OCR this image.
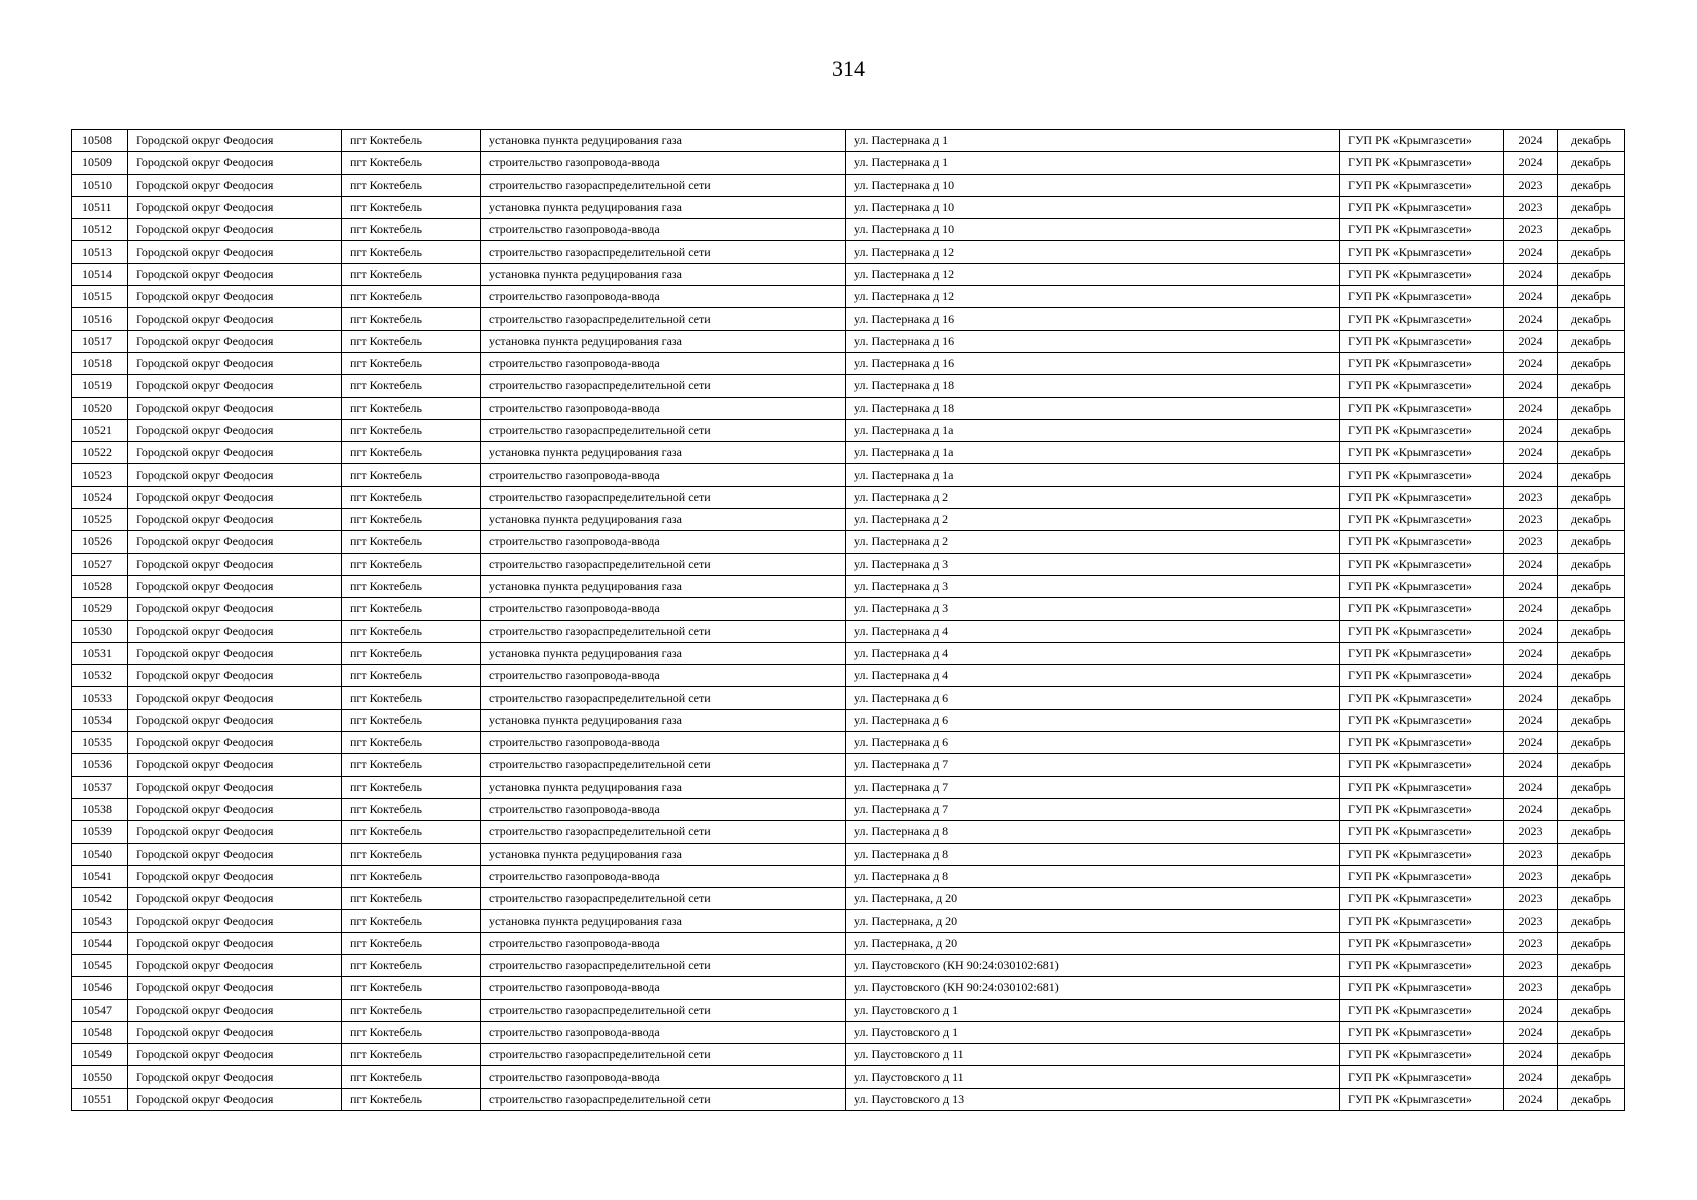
314
10508	Городской округ Феодосия	пгт Коктебель	установка пункта редуцирования газа	ул. Пастернака д 1	ГУП РК «Крымгазсети»	2024	декабрь
10509	Городской округ Феодосия	пгт Коктебель	строительство газопровода-ввода	ул. Пастернака д 1	ГУП РК «Крымгазсети»	2024	декабрь
10510	Городской округ Феодосия	пгт Коктебель	строительство газораспределительной сети	ул. Пастернака д 10	ГУП РК «Крымгазсети»	2023	декабрь
10511	Городской округ Феодосия	пгт Коктебель	установка пункта редуцирования газа	ул. Пастернака д 10	ГУП РК «Крымгазсети»	2023	декабрь
10512	Городской округ Феодосия	пгт Коктебель	строительство газопровода-ввода	ул. Пастернака д 10	ГУП РК «Крымгазсети»	2023	декабрь
10513	Городской округ Феодосия	пгт Коктебель	строительство газораспределительной сети	ул. Пастернака д 12	ГУП РК «Крымгазсети»	2024	декабрь
10514	Городской округ Феодосия	пгт Коктебель	установка пункта редуцирования газа	ул. Пастернака д 12	ГУП РК «Крымгазсети»	2024	декабрь
10515	Городской округ Феодосия	пгт Коктебель	строительство газопровода-ввода	ул. Пастернака д 12	ГУП РК «Крымгазсети»	2024	декабрь
10516	Городской округ Феодосия	пгт Коктебель	строительство газораспределительной сети	ул. Пастернака д 16	ГУП РК «Крымгазсети»	2024	декабрь
10517	Городской округ Феодосия	пгт Коктебель	установка пункта редуцирования газа	ул. Пастернака д 16	ГУП РК «Крымгазсети»	2024	декабрь
10518	Городской округ Феодосия	пгт Коктебель	строительство газопровода-ввода	ул. Пастернака д 16	ГУП РК «Крымгазсети»	2024	декабрь
10519	Городской округ Феодосия	пгт Коктебель	строительство газораспределительной сети	ул. Пастернака д 18	ГУП РК «Крымгазсети»	2024	декабрь
10520	Городской округ Феодосия	пгт Коктебель	строительство газопровода-ввода	ул. Пастернака д 18	ГУП РК «Крымгазсети»	2024	декабрь
10521	Городской округ Феодосия	пгт Коктебель	строительство газораспределительной сети	ул. Пастернака д 1а	ГУП РК «Крымгазсети»	2024	декабрь
10522	Городской округ Феодосия	пгт Коктебель	установка пункта редуцирования газа	ул. Пастернака д 1а	ГУП РК «Крымгазсети»	2024	декабрь
10523	Городской округ Феодосия	пгт Коктебель	строительство газопровода-ввода	ул. Пастернака д 1а	ГУП РК «Крымгазсети»	2024	декабрь
10524	Городской округ Феодосия	пгт Коктебель	строительство газораспределительной сети	ул. Пастернака д 2	ГУП РК «Крымгазсети»	2023	декабрь
10525	Городской округ Феодосия	пгт Коктебель	установка пункта редуцирования газа	ул. Пастернака д 2	ГУП РК «Крымгазсети»	2023	декабрь
10526	Городской округ Феодосия	пгт Коктебель	строительство газопровода-ввода	ул. Пастернака д 2	ГУП РК «Крымгазсети»	2023	декабрь
10527	Городской округ Феодосия	пгт Коктебель	строительство газораспределительной сети	ул. Пастернака д 3	ГУП РК «Крымгазсети»	2024	декабрь
10528	Городской округ Феодосия	пгт Коктебель	установка пункта редуцирования газа	ул. Пастернака д 3	ГУП РК «Крымгазсети»	2024	декабрь
10529	Городской округ Феодосия	пгт Коктебель	строительство газопровода-ввода	ул. Пастернака д 3	ГУП РК «Крымгазсети»	2024	декабрь
10530	Городской округ Феодосия	пгт Коктебель	строительство газораспределительной сети	ул. Пастернака д 4	ГУП РК «Крымгазсети»	2024	декабрь
10531	Городской округ Феодосия	пгт Коктебель	установка пункта редуцирования газа	ул. Пастернака д 4	ГУП РК «Крымгазсети»	2024	декабрь
10532	Городской округ Феодосия	пгт Коктебель	строительство газопровода-ввода	ул. Пастернака д 4	ГУП РК «Крымгазсети»	2024	декабрь
10533	Городской округ Феодосия	пгт Коктебель	строительство газораспределительной сети	ул. Пастернака д 6	ГУП РК «Крымгазсети»	2024	декабрь
10534	Городской округ Феодосия	пгт Коктебель	установка пункта редуцирования газа	ул. Пастернака д 6	ГУП РК «Крымгазсети»	2024	декабрь
10535	Городской округ Феодосия	пгт Коктебель	строительство газопровода-ввода	ул. Пастернака д 6	ГУП РК «Крымгазсети»	2024	декабрь
10536	Городской округ Феодосия	пгт Коктебель	строительство газораспределительной сети	ул. Пастернака д 7	ГУП РК «Крымгазсети»	2024	декабрь
10537	Городской округ Феодосия	пгт Коктебель	установка пункта редуцирования газа	ул. Пастернака д 7	ГУП РК «Крымгазсети»	2024	декабрь
10538	Городской округ Феодосия	пгт Коктебель	строительство газопровода-ввода	ул. Пастернака д 7	ГУП РК «Крымгазсети»	2024	декабрь
10539	Городской округ Феодосия	пгт Коктебель	строительство газораспределительной сети	ул. Пастернака д 8	ГУП РК «Крымгазсети»	2023	декабрь
10540	Городской округ Феодосия	пгт Коктебель	установка пункта редуцирования газа	ул. Пастернака д 8	ГУП РК «Крымгазсети»	2023	декабрь
10541	Городской округ Феодосия	пгт Коктебель	строительство газопровода-ввода	ул. Пастернака д 8	ГУП РК «Крымгазсети»	2023	декабрь
10542	Городской округ Феодосия	пгт Коктебель	строительство газораспределительной сети	ул. Пастернака, д 20	ГУП РК «Крымгазсети»	2023	декабрь
10543	Городской округ Феодосия	пгт Коктебель	установка пункта редуцирования газа	ул. Пастернака, д 20	ГУП РК «Крымгазсети»	2023	декабрь
10544	Городской округ Феодосия	пгт Коктебель	строительство газопровода-ввода	ул. Пастернака, д 20	ГУП РК «Крымгазсети»	2023	декабрь
10545	Городской округ Феодосия	пгт Коктебель	строительство газораспределительной сети	ул. Паустовского (КН 90:24:030102:681)	ГУП РК «Крымгазсети»	2023	декабрь
10546	Городской округ Феодосия	пгт Коктебель	строительство газопровода-ввода	ул. Паустовского (КН 90:24:030102:681)	ГУП РК «Крымгазсети»	2023	декабрь
10547	Городской округ Феодосия	пгт Коктебель	строительство газораспределительной сети	ул. Паустовского д 1	ГУП РК «Крымгазсети»	2024	декабрь
10548	Городской округ Феодосия	пгт Коктебель	строительство газопровода-ввода	ул. Паустовского д 1	ГУП РК «Крымгазсети»	2024	декабрь
10549	Городской округ Феодосия	пгт Коктебель	строительство газораспределительной сети	ул. Паустовского д 11	ГУП РК «Крымгазсети»	2024	декабрь
10550	Городской округ Феодосия	пгт Коктебель	строительство газопровода-ввода	ул. Паустовского д 11	ГУП РК «Крымгазсети»	2024	декабрь
10551	Городской округ Феодосия	пгт Коктебель	строительство газораспределительной сети	ул. Паустовского д 13	ГУП РК «Крымгазсети»	2024	декабрь
